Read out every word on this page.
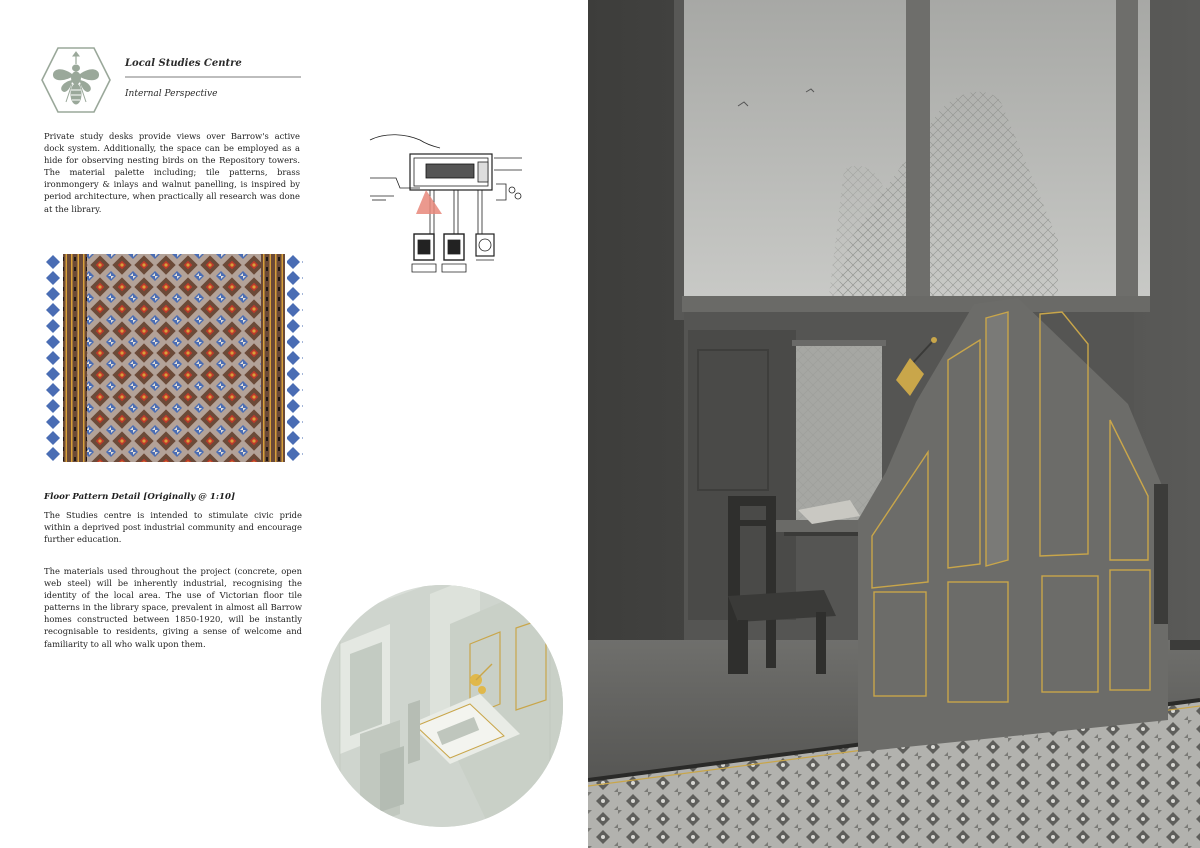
Local Studies Centre
Internal Perspective

Private study desks provide views over Barrow's active dock system. Additionally, the space can be employed as a hide for observing nesting birds on the Repository towers. The material palette including; tile patterns, brass ironmongery & inlays and walnut panelling, is inspired by period architecture, when practically all research was done at the library.

Floor Pattern Detail [Originally @ 1:10]

The Studies centre is intended to stimulate civic pride within a deprived post industrial community and encourage further education.

The materials used throughout the project (concrete, open web steel) will be inherently industrial, recognising the identity of the local area. The use of Victorian floor tile patterns in the library space, prevalent in almost all Barrow homes constructed between 1850-1920, will be instantly recognisable to residents, giving a sense of welcome and familiarity to all who walk upon them.
